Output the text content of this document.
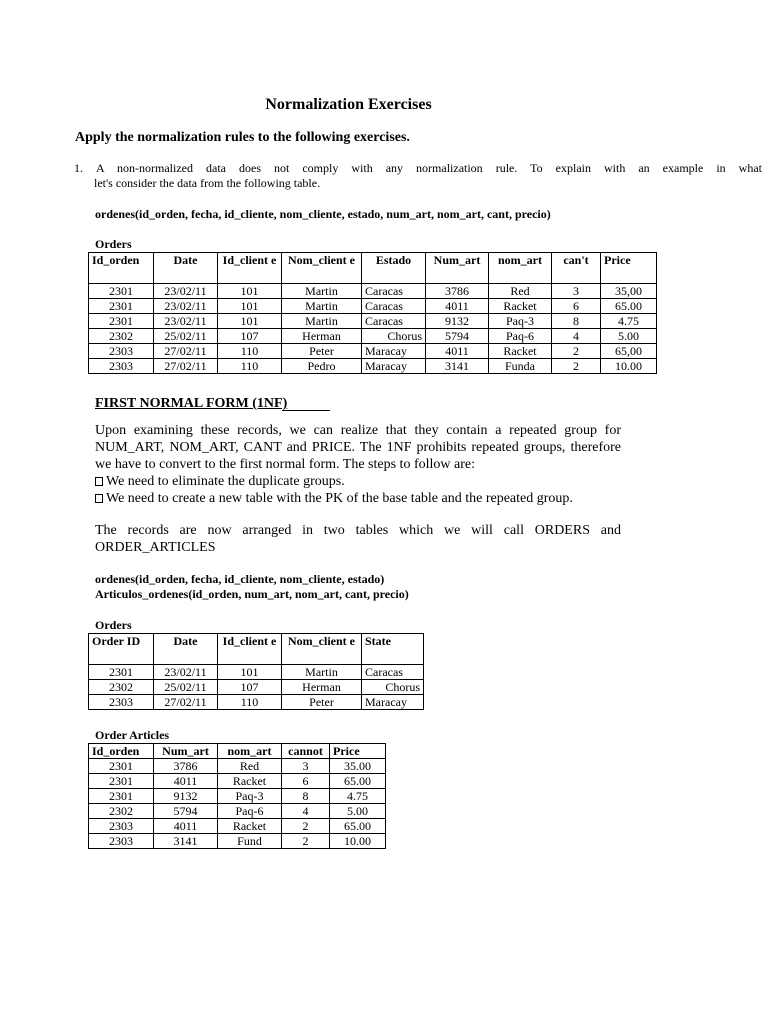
Normalization Exercises
Apply the normalization rules to the following exercises.
1. A non-normalized data does not comply with any normalization rule. To explain with an example in what
let's consider the data from the following table.
ordenes(id_orden, fecha, id_cliente, nom_cliente, estado, num_art, nom_art, cant, precio)
Orders
Id_orden	Date	Id_client e	Nom_client e	Estado	Num_art	nom_art	can't	Price
2301	23/02/11	101	Martin	Caracas	3786	Red	3	35,00
2301	23/02/11	101	Martin	Caracas	4011	Racket	6	65.00
2301	23/02/11	101	Martin	Caracas	9132	Paq-3	8	4.75
2302	25/02/11	107	Herman	Chorus	5794	Paq-6	4	5.00
2303	27/02/11	110	Peter	Maracay	4011	Racket	2	65,00
2303	27/02/11	110	Pedro	Maracay	3141	Funda	2	10.00
FIRST NORMAL FORM (1NF)
Upon examining these records, we can realize that they contain a repeated group for
NUM_ART, NOM_ART, CANT and PRICE. The 1NF prohibits repeated groups, therefore
we have to convert to the first normal form. The steps to follow are:
We need to eliminate the duplicate groups.
We need to create a new table with the PK of the base table and the repeated group.
The records are now arranged in two tables which we will call ORDERS and
ORDER_ARTICLES
ordenes(id_orden, fecha, id_cliente, nom_cliente, estado)
Articulos_ordenes(id_orden, num_art, nom_art, cant, precio)
Orders
Order ID	Date	Id_client e	Nom_client e	State
2301	23/02/11	101	Martin	Caracas
2302	25/02/11	107	Herman	Chorus
2303	27/02/11	110	Peter	Maracay
Order Articles
Id_orden	Num_art	nom_art	cannot	Price
2301	3786	Red	3	35.00
2301	4011	Racket	6	65.00
2301	9132	Paq-3	8	4.75
2302	5794	Paq-6	4	5.00
2303	4011	Racket	2	65.00
2303	3141	Fund	2	10.00
